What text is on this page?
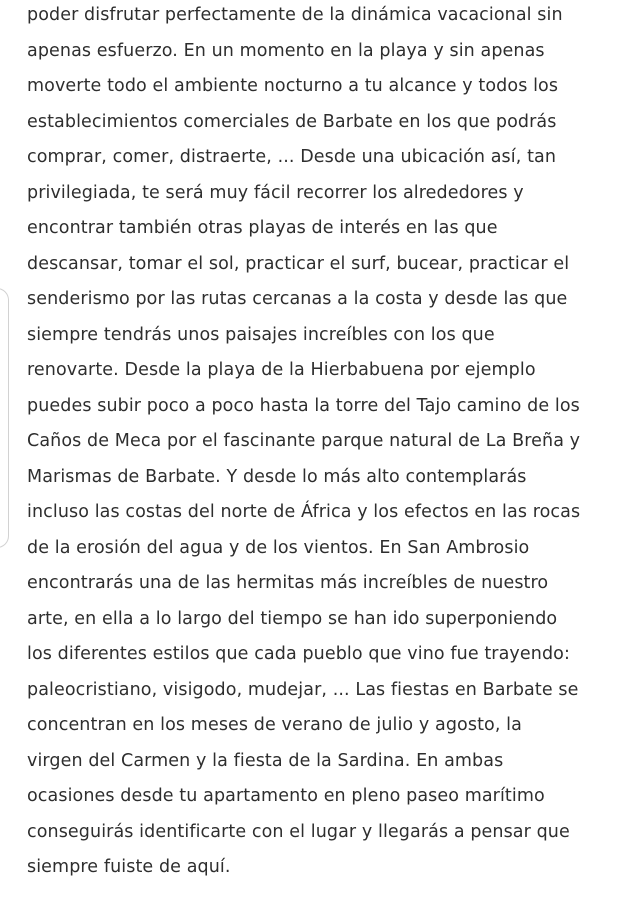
poder disfrutar perfectamente de la dinámica vacacional sin
apenas esfuerzo. En un momento en la playa y sin apenas
moverte todo el ambiente nocturno a tu alcance y todos los
establecimientos comerciales de Barbate en los que podrás
comprar, comer, distraerte, ... Desde una ubicación así, tan
privilegiada, te será muy fácil recorrer los alrededores y
encontrar también otras playas de interés en las que
descansar, tomar el sol, practicar el surf, bucear, practicar el
senderismo por las rutas cercanas a la costa y desde las que
siempre tendrás unos paisajes increíbles con los que
renovarte. Desde la playa de la Hierbabuena por ejemplo
puedes subir poco a poco hasta la torre del Tajo camino de los
Caños de Meca por el fascinante parque natural de La Breña y
Marismas de Barbate. Y desde lo más alto contemplarás
incluso las costas del norte de África y los efectos en las rocas
de la erosión del agua y de los vientos. En San Ambrosio
encontrarás una de las hermitas más increíbles de nuestro
arte, en ella a lo largo del tiempo se han ido superponiendo
los diferentes estilos que cada pueblo que vino fue trayendo:
paleocristiano, visigodo, mudejar, ... Las fiestas en Barbate se
concentran en los meses de verano de julio y agosto, la
virgen del Carmen y la fiesta de la Sardina. En ambas
ocasiones desde tu apartamento en pleno paseo marítimo
conseguirás identificarte con el lugar y llegarás a pensar que
siempre fuiste de aquí.
